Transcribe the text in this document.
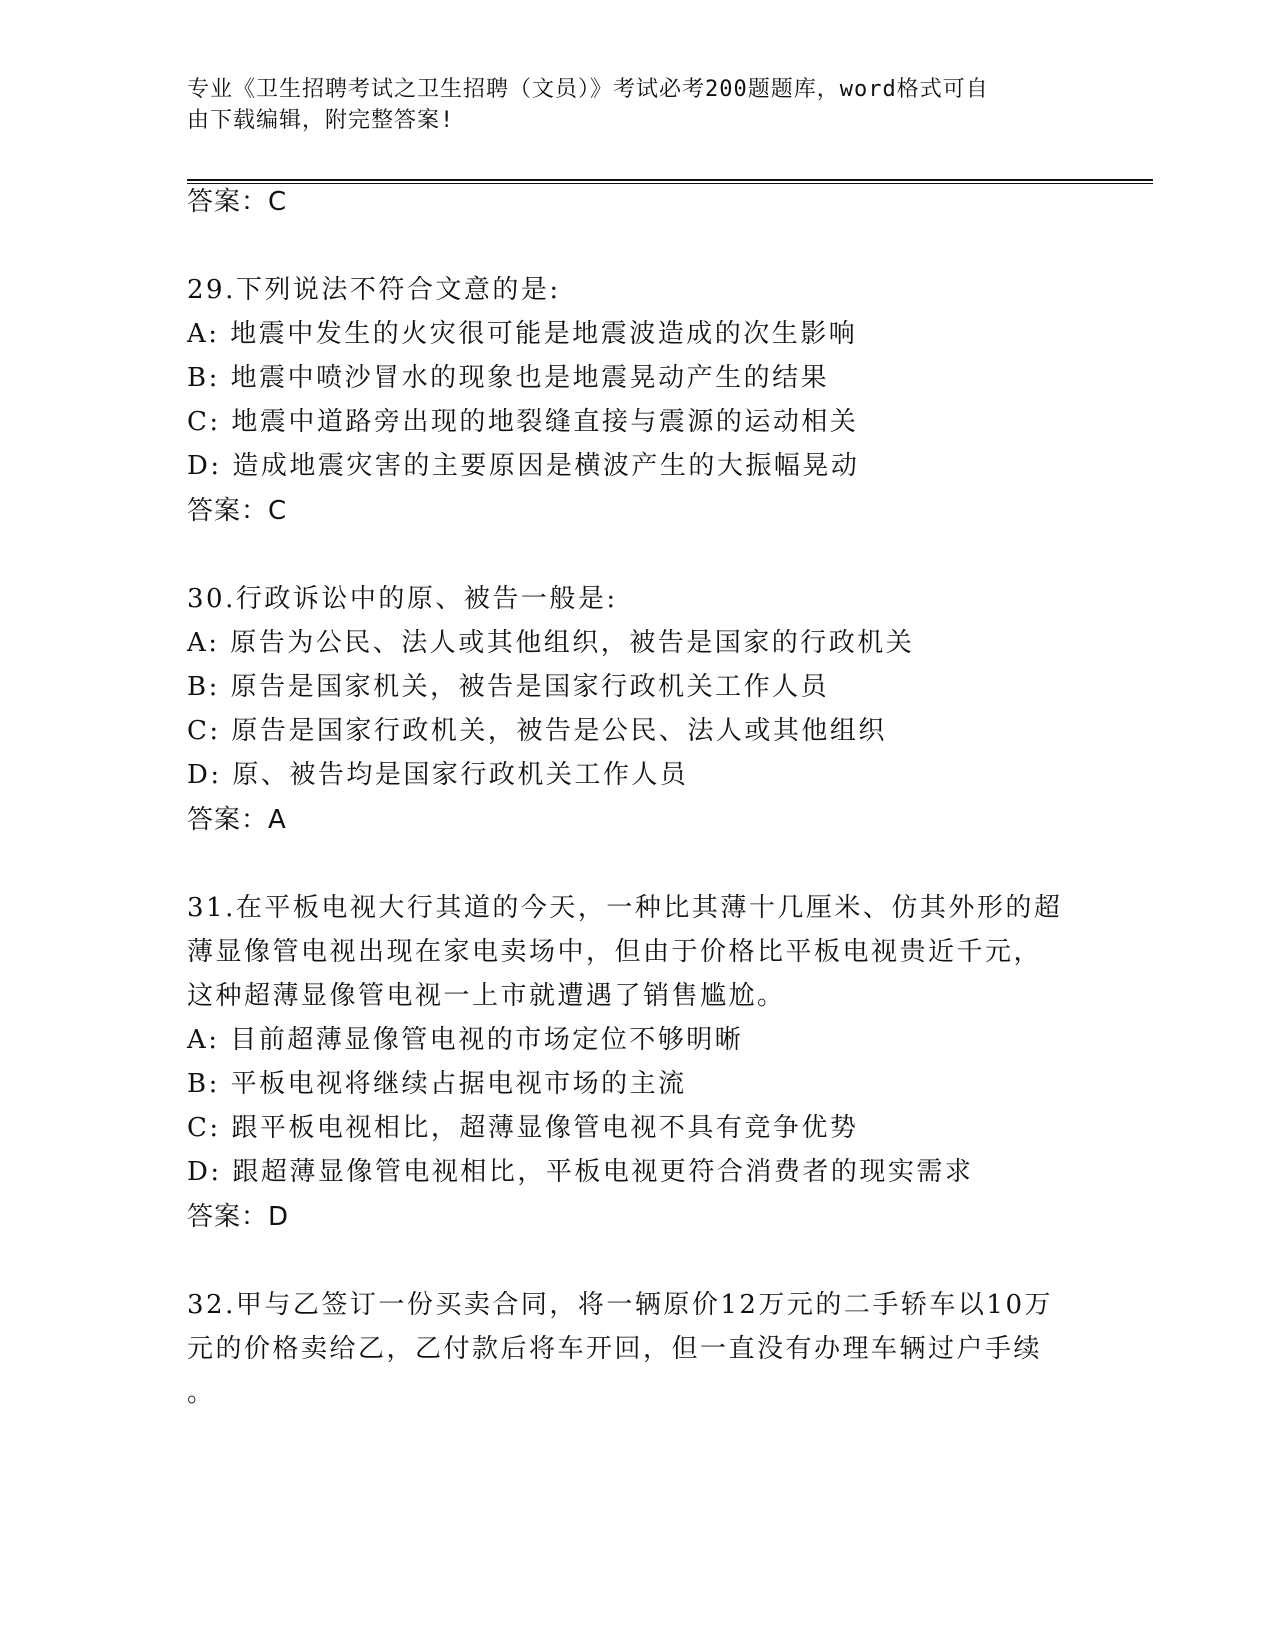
专业《卫生招聘考试之卫生招聘（文员）》考试必考200题题库，word格式可自
由下载编辑，附完整答案!
答案：C
29.下列说法不符合文意的是:
A: 地震中发生的火灾很可能是地震波造成的次生影响
B: 地震中喷沙冒水的现象也是地震晃动产生的结果
C: 地震中道路旁出现的地裂缝直接与震源的运动相关
D: 造成地震灾害的主要原因是横波产生的大振幅晃动
答案：C
30.行政诉讼中的原、被告一般是:
A: 原告为公民、法人或其他组织，被告是国家的行政机关
B: 原告是国家机关，被告是国家行政机关工作人员
C: 原告是国家行政机关，被告是公民、法人或其他组织
D: 原、被告均是国家行政机关工作人员
答案：A
31.在平板电视大行其道的今天，一种比其薄十几厘米、仿其外形的超
薄显像管电视出现在家电卖场中，但由于价格比平板电视贵近千元，
这种超薄显像管电视一上市就遭遇了销售尴尬。
A: 目前超薄显像管电视的市场定位不够明晰
B: 平板电视将继续占据电视市场的主流
C: 跟平板电视相比，超薄显像管电视不具有竞争优势
D: 跟超薄显像管电视相比，平板电视更符合消费者的现实需求
答案：D
32.甲与乙签订一份买卖合同，将一辆原价12万元的二手轿车以10万
元的价格卖给乙，乙付款后将车开回，但一直没有办理车辆过户手续
。
